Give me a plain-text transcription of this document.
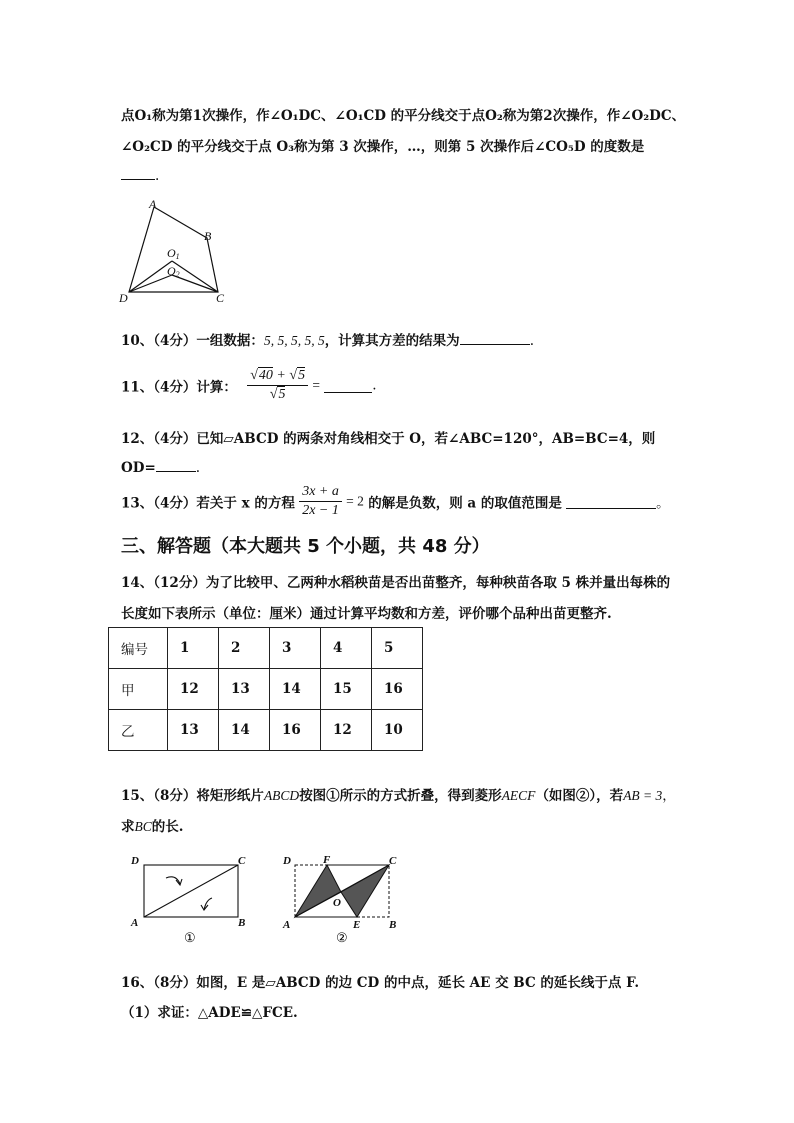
点O₁称为第1次操作，作∠O₁DC、∠O₁CD 的平分线交于点O₂称为第2次操作，作∠O₂DC、
∠O₂CD 的平分线交于点 O₃称为第 3 次操作，…，则第 5 次操作后∠CO₅D 的度数是
.
A
B
O1
O2
D	C
10、（4分）一组数据：5, 5, 5, 5, 5，计算其方差的结果为	.
11、（4分）计算： $\frac{√40 + √5}{√5}$ =	.
12、（4分）已知▱ABCD 的两条对角线相交于 O，若∠ABC=120°，AB=BC=4，则
OD=	.
13、（4分）若关于 x 的方程 $\frac{3x + a}{2x - 1} = 2$ 的解是负数，则 a 的取值范围是	。
三、解答题（本大题共 5 个小题，共 48 分）
14、（12分）为了比较甲、乙两种水稻秧苗是否出苗整齐，每种秧苗各取 5 株并量出每株的
长度如下表所示（单位：厘米）通过计算平均数和方差，评价哪个品种出苗更整齐.
编号	1	2	3	4	5
甲	12	13	14	15	16
乙	13	14	16	12	10
15、（8分）将矩形纸片ABCD按图①所示的方式折叠，得到菱形AECF（如图②），若AB = 3，
求BC的长.
D	C
A	B
①
D	F	C
O
A	E	B
②
16、（8分）如图，E 是▱ABCD 的边 CD 的中点，延长 AE 交 BC 的延长线于点 F.
（1）求证：△ADE≌△FCE.
